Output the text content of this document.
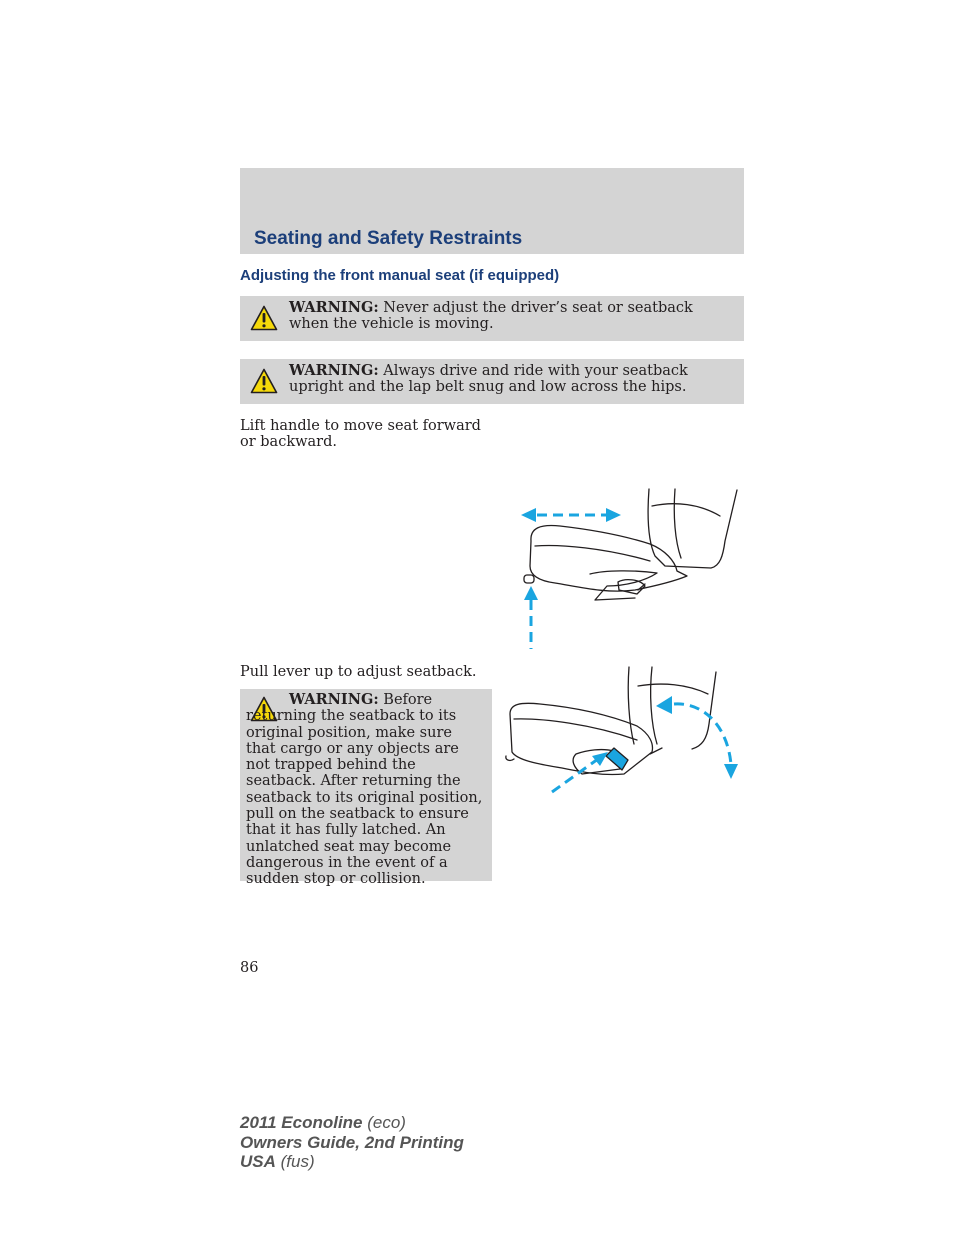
Seating and Safety Restraints
Adjusting the front manual seat (if equipped)

WARNING: Never adjust the driver’s seat or seatback when the vehicle is moving.

WARNING: Always drive and ride with your seatback upright and the lap belt snug and low across the hips.

Lift handle to move seat forward or backward.

Pull lever up to adjust seatback.

WARNING: Before returning the seatback to its original position, make sure that cargo or any objects are not trapped behind the seatback. After returning the seatback to its original position, pull on the seatback to ensure that it has fully latched. An unlatched seat may become dangerous in the event of a sudden stop or collision.

86

2011 Econoline (eco)
Owners Guide, 2nd Printing
USA (fus)
